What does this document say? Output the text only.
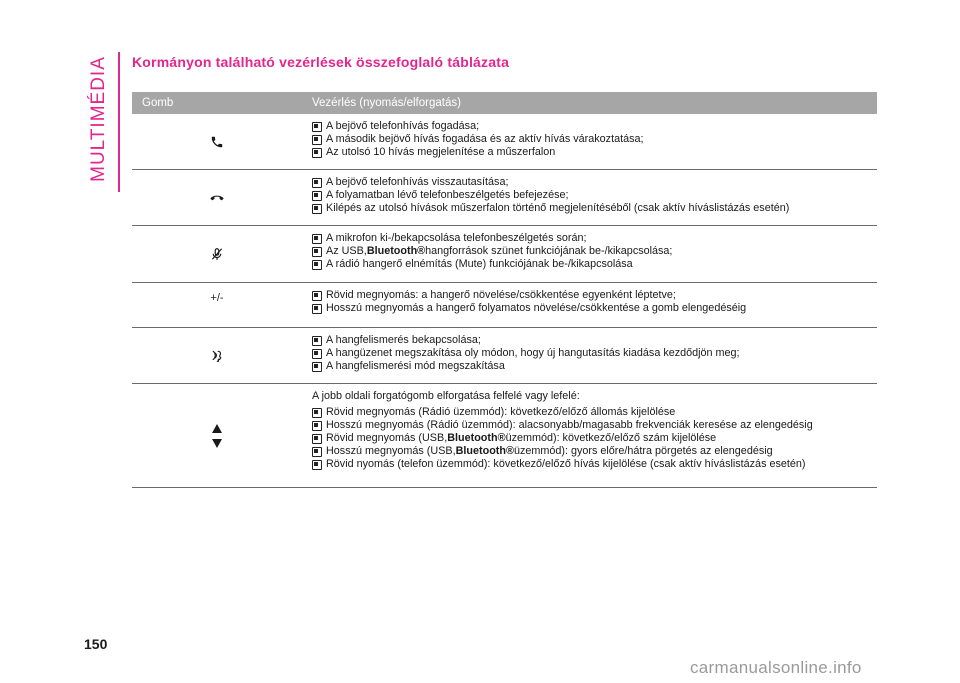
MULTIMÉDIA Kormányon található vezérlések összefoglaló táblázata
Gomb	Vezérlés (nyomás/elforgatás)
A bejövő telefonhívás fogadása;
A második bejövő hívás fogadása és az aktív hívás várakoztatása;
Az utolsó 10 hívás megjelenítése a műszerfalon
A bejövő telefonhívás visszautasítása;
A folyamatban lévő telefonbeszélgetés befejezése;
Kilépés az utolsó hívások műszerfalon történő megjelenítéséből (csak aktív híváslistázás esetén)
A mikrofon ki-/bekapcsolása telefonbeszélgetés során;
Az USB, Bluetooth® hangforrások szünet funkciójának be-/kikapcsolása;
A rádió hangerő elnémítás (Mute) funkciójának be-/kikapcsolása
+/-	Rövid megnyomás: a hangerő növelése/csökkentése egyenként léptetve;
Hosszú megnyomás a hangerő folyamatos növelése/csökkentése a gomb elengedéséig
A hangfelismerés bekapcsolása;
A hangüzenet megszakítása oly módon, hogy új hangutasítás kiadása kezdődjön meg;
A hangfelismerési mód megszakítása
A jobb oldali forgatógomb elforgatása felfelé vagy lefelé:
Rövid megnyomás (Rádió üzemmód): következő/előző állomás kijelölése
Hosszú megnyomás (Rádió üzemmód): alacsonyabb/magasabb frekvenciák keresése az elengedésig
Rövid megnyomás (USB, Bluetooth® üzemmód): következő/előző szám kijelölése
Hosszú megnyomás (USB, Bluetooth® üzemmód): gyors előre/hátra pörgetés az elengedésig
Rövid nyomás (telefon üzemmód): következő/előző hívás kijelölése (csak aktív híváslistázás esetén)
150
carmanualsonline.info
